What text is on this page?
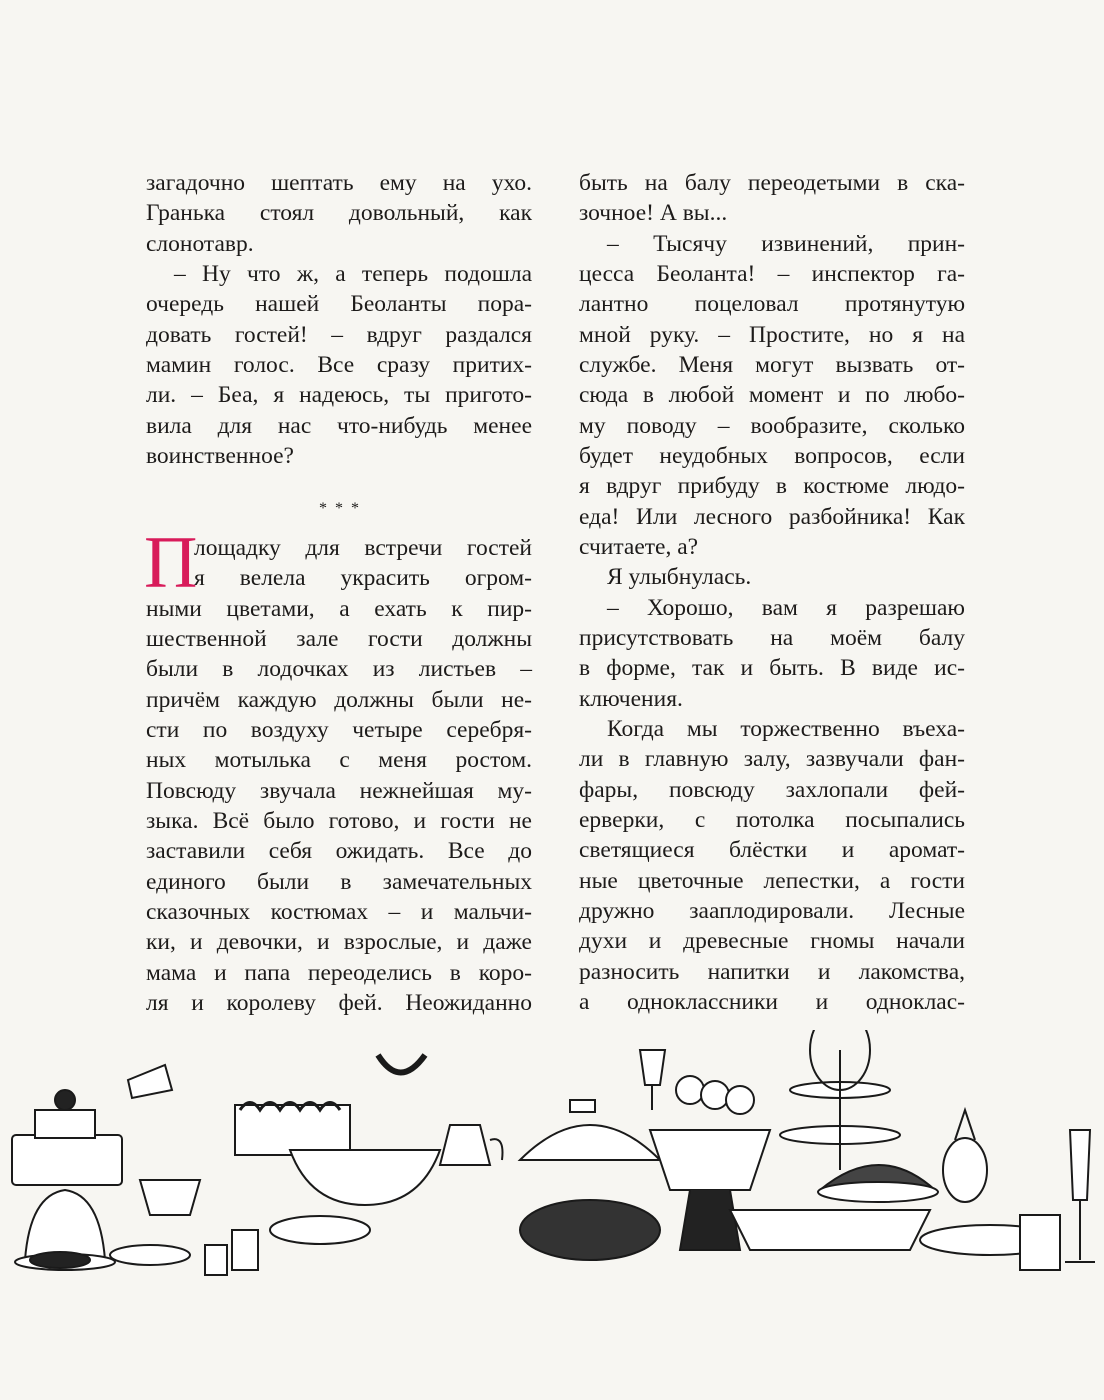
загадочно шептать ему на ухо.
Гранька стоял довольный, как
слонотавр.
– Ну что ж, а теперь подошла
очередь нашей Беоланты пора-
довать гостей! – вдруг раздался
мамин голос. Все сразу притих-
ли. – Беа, я надеюсь, ты пригото-
вила для нас что-нибудь менее
воинственное?
лощадку для встречи гостей
я велела украсить огром-
ными цветами, а ехать к пир-
шественной зале гости должны
были в лодочках из листьев –
причём каждую должны были не-
сти по воздуху четыре серебря-
ных мотылька с меня ростом.
Повсюду звучала нежнейшая му-
зыка. Всё было готово, и гости не
заставили себя ожидать. Все до
единого были в замечательных
сказочных костюмах – и мальчи-
ки, и девочки, и взрослые, и даже
мама и папа переоделись в коро-
ля и королеву фей. Неожиданно
* * *
П
быть на балу переодетыми в ска-
зочное! А вы...
– Тысячу извинений, прин-
цесса Беоланта! – инспектор га-
лантно поцеловал протянутую
мной руку. – Простите, но я на
службе. Меня могут вызвать от-
сюда в любой момент и по любо-
му поводу – вообразите, сколько
будет неудобных вопросов, если
я вдруг прибуду в костюме людо-
еда! Или лесного разбойника! Как
считаете, а?
Я улыбнулась.
– Хорошо, вам я разрешаю
присутствовать на моём балу
в форме, так и быть. В виде ис-
ключения.
Когда мы торжественно въеха-
ли в главную залу, зазвучали фан-
фары, повсюду захлопали фей-
ерверки, с потолка посыпались
светящиеся блёстки и аромат-
ные цветочные лепестки, а гости
дружно зааплодировали. Лесные
духи и древесные гномы начали
разносить напитки и лакомства,
а одноклассники и одноклас-
